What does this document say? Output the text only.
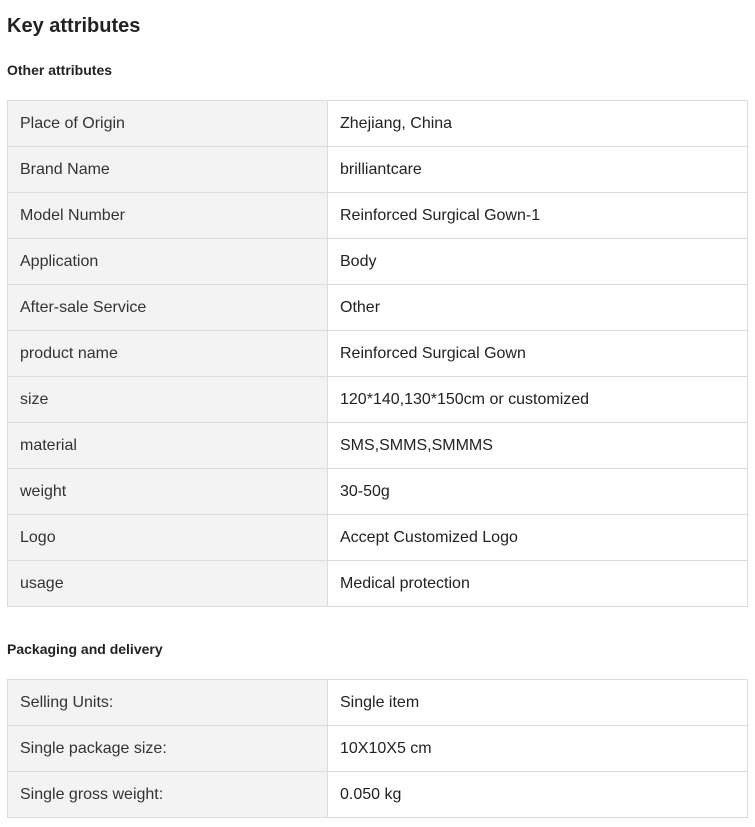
Key attributes
Other attributes
Place of Origin	Zhejiang, China
Brand Name	brilliantcare
Model Number	Reinforced Surgical Gown-1
Application	Body
After-sale Service	Other
product name	Reinforced Surgical Gown
size	120*140,130*150cm or customized
material	SMS,SMMS,SMMMS
weight	30-50g
Logo	Accept Customized Logo
usage	Medical protection
Packaging and delivery
Selling Units:	Single item
Single package size:	10X10X5 cm
Single gross weight:	0.050 kg
